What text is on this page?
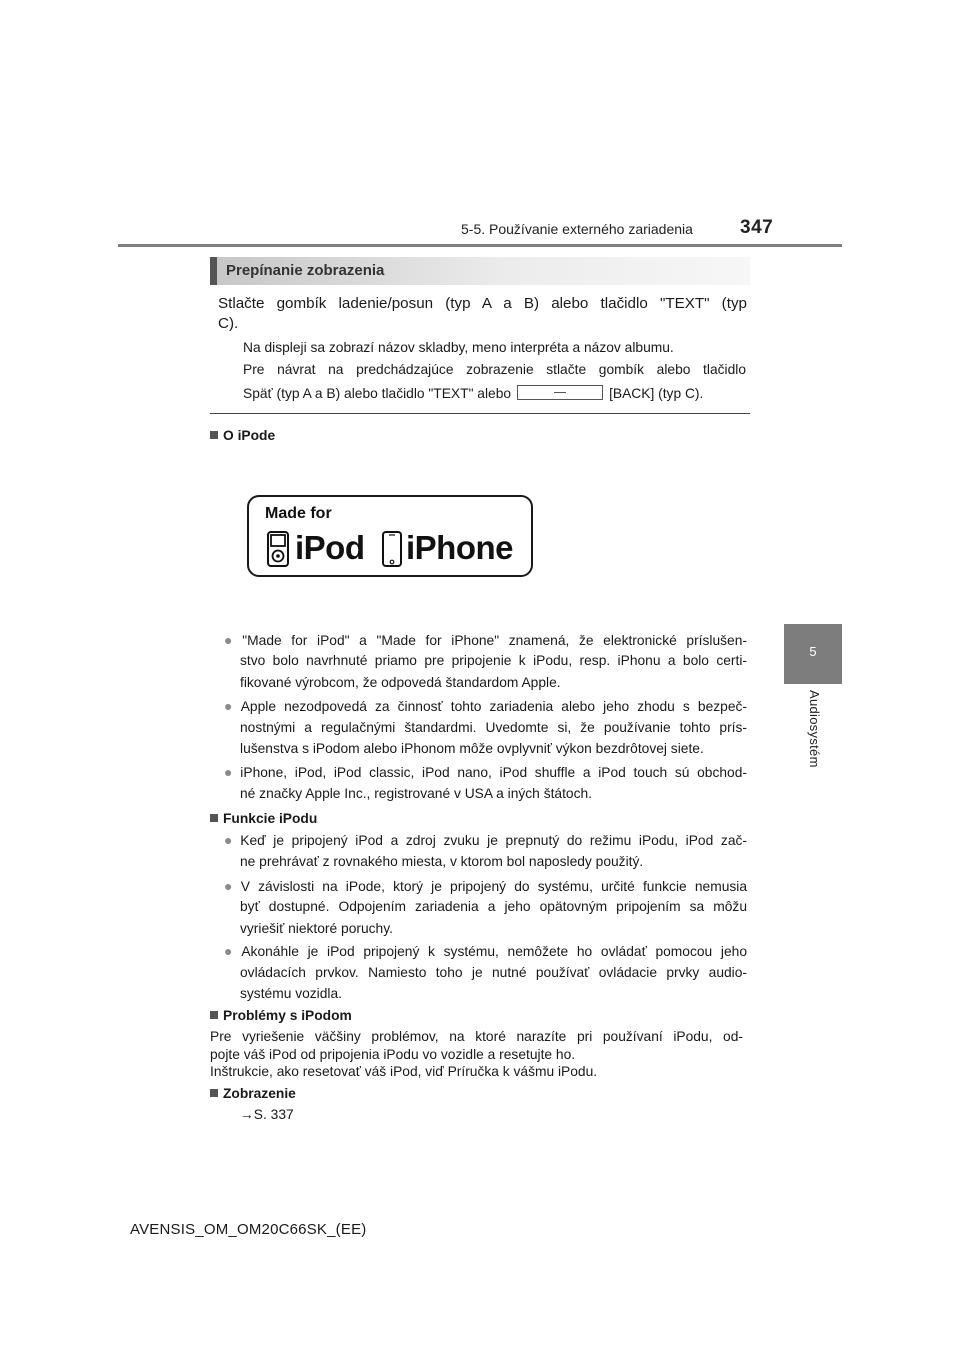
5-5. Používanie externého zariadenia 347
5
Audiosystém
Prepínanie zobrazenia
Stlačte gombík ladenie/posun (typ A a B) alebo tlačidlo "TEXT" (typ
C).
Na displeji sa zobrazí názov skladby, meno interpréta a názov albumu.
Pre návrat na predchádzajúce zobrazenie stlačte gombík alebo tlačidlo
Späť (typ A a B) alebo tlačidlo "TEXT" alebo	[BACK] (typ C).
O iPode
Made for
iPod iPhone
● "Made for iPod" a "Made for iPhone" znamená, že elektronické príslušen-
stvo bolo navrhnuté priamo pre pripojenie k iPodu, resp. iPhonu a bolo certi-
fikované výrobcom, že odpovedá štandardom Apple.
● Apple nezodpovedá za činnosť tohto zariadenia alebo jeho zhodu s bezpeč-
nostnými a regulačnými štandardmi. Uvedomte si, že používanie tohto prís-
lušenstva s iPodom alebo iPhonom môže ovplyvniť výkon bezdrôtovej siete.
● iPhone, iPod, iPod classic, iPod nano, iPod shuffle a iPod touch sú obchod-
né značky Apple Inc., registrované v USA a iných štátoch.
Funkcie iPodu
● Keď je pripojený iPod a zdroj zvuku je prepnutý do režimu iPodu, iPod zač-
ne prehrávať z rovnakého miesta, v ktorom bol naposledy použitý.
● V závislosti na iPode, ktorý je pripojený do systému, určité funkcie nemusia
byť dostupné. Odpojením zariadenia a jeho opätovným pripojením sa môžu
vyriešiť niektoré poruchy.
● Akonáhle je iPod pripojený k systému, nemôžete ho ovládať pomocou jeho
ovládacích prvkov. Namiesto toho je nutné používať ovládacie prvky audio-
systému vozidla.
Problémy s iPodom
Pre vyriešenie väčšiny problémov, na ktoré narazíte pri používaní iPodu, od-
pojte váš iPod od pripojenia iPodu vo vozidle a resetujte ho.
Inštrukcie, ako resetovať váš iPod, viď Príručka k vášmu iPodu.
Zobrazenie
→S. 337
AVENSIS_OM_OM20C66SK_(EE)
